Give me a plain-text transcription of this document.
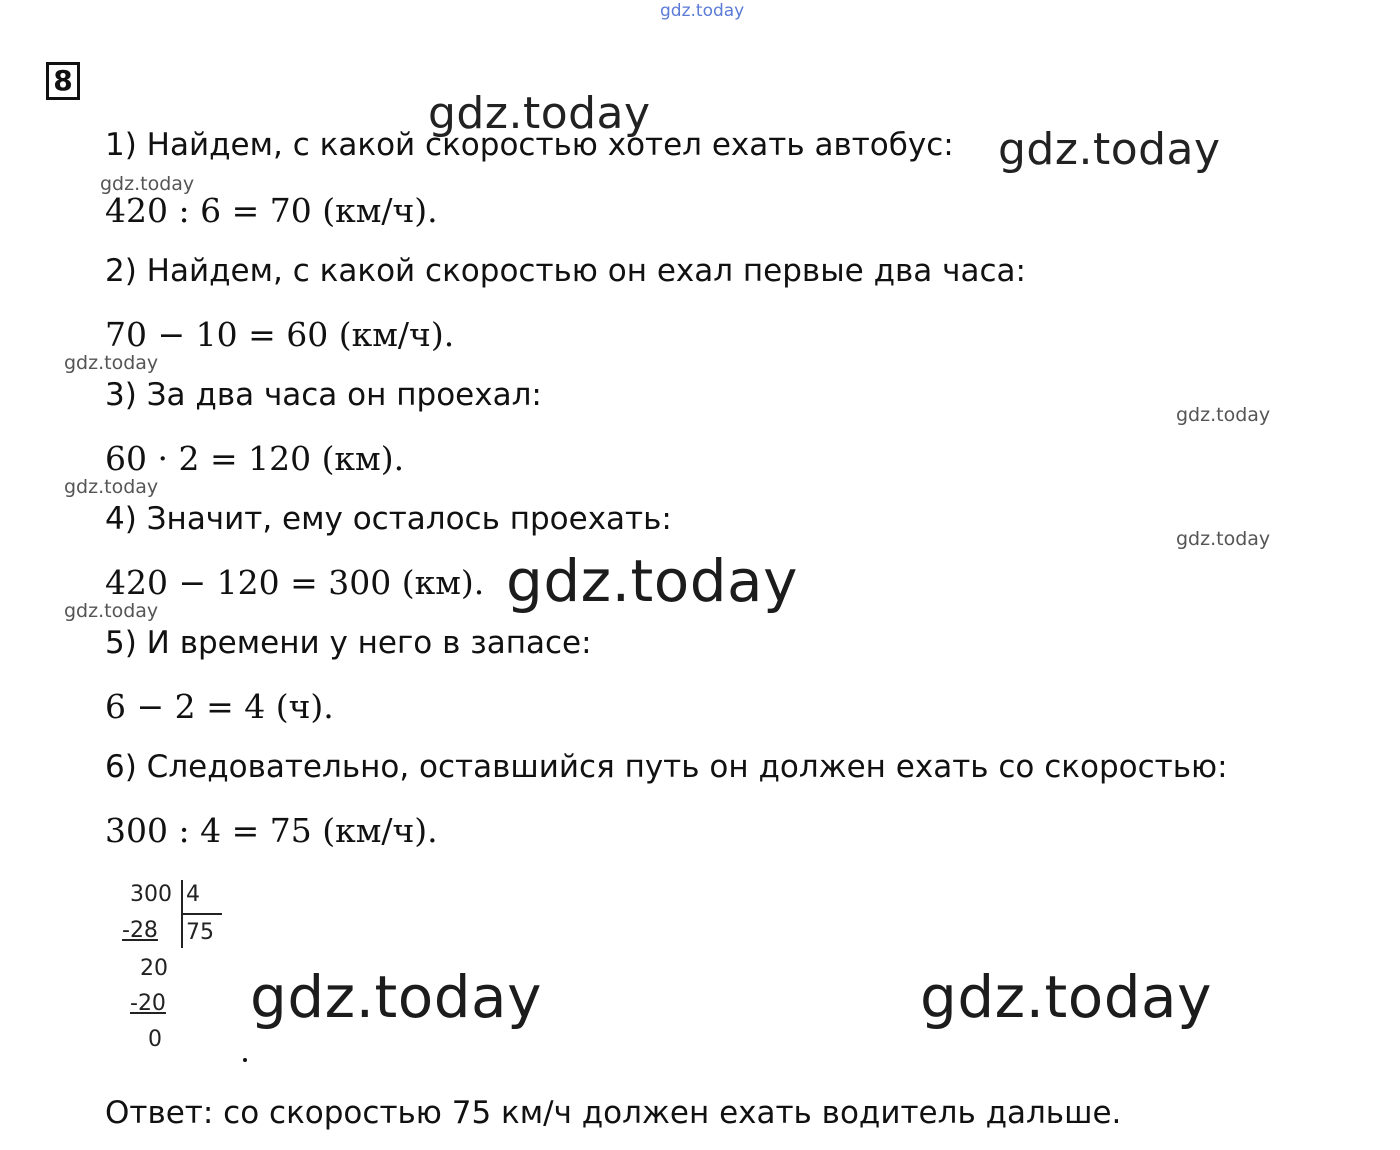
gdz.today
gdz.today
gdz.today
gdz.today
gdz.today
gdz.today
gdz.today
gdz.today
gdz.today
8
1) Найдем, с какой скоростью хотел ехать автобус:
420 : 6 = 70 (км/ч).
2) Найдем, с какой скоростью он ехал первые два часа:
70 − 10 = 60 (км/ч).
3) За два часа он проехал:
60 · 2 = 120 (км).
4) Значит, ему осталось проехать:
420 − 120 = 300 (км).
5) И времени у него в запасе:
6 − 2 = 4 (ч).
6) Следовательно, оставшийся путь он должен ехать со скоростью:
300 : 4 = 75 (км/ч).
gdz.today
300 4
-28 75
20
-20
0
gdz.today	gdz.today
Ответ: со скоростью 75 км/ч должен ехать водитель дальше.
